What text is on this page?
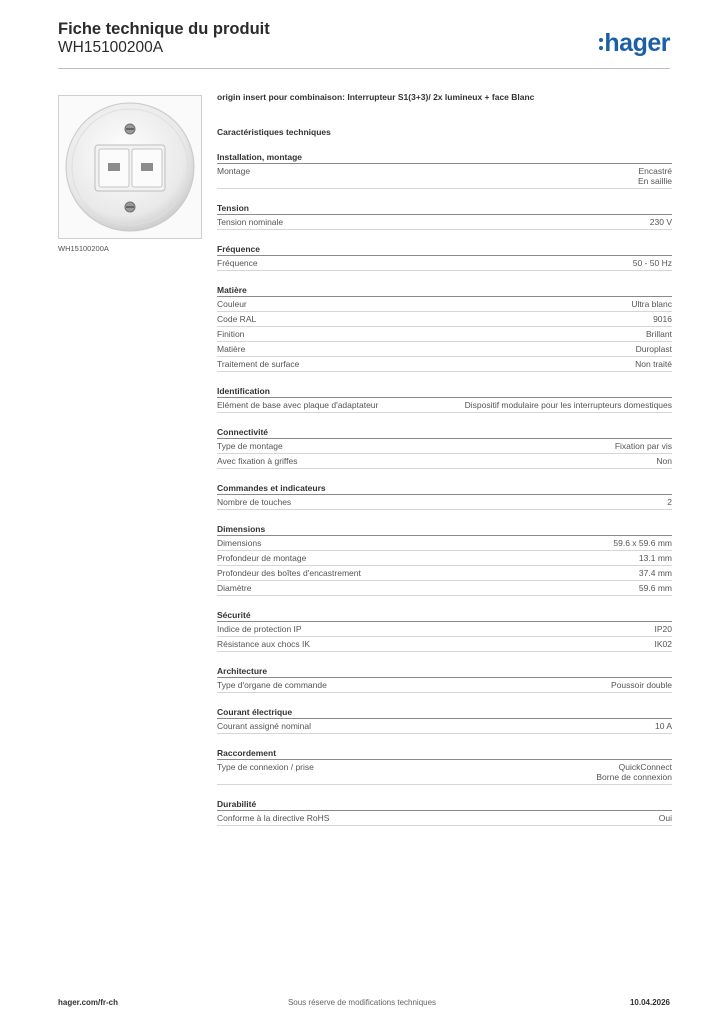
Fiche technique du produit
WH15100200A	hager
WH15100200A
origin insert pour combinaison: Interrupteur S1(3+3)/ 2x lumineux + face Blanc
Caractéristiques techniques
Installation, montage
Montage	Encastré
En saillie
Tension
Tension nominale	230 V
Fréquence
Fréquence	50 - 50 Hz
Matière
Couleur	Ultra blanc
Code RAL	9016
Finition	Brillant
Matière	Duroplast
Traitement de surface	Non traité
Identification
Elément de base avec plaque d'adaptateur	Dispositif modulaire pour les interrupteurs domestiques
Connectivité
Type de montage	Fixation par vis
Avec fixation à griffes	Non
Commandes et indicateurs
Nombre de touches	2
Dimensions
Dimensions	59.6 x 59.6 mm
Profondeur de montage	13.1 mm
Profondeur des boîtes d'encastrement	37.4 mm
Diamètre	59.6 mm
Sécurité
Indice de protection IP	IP20
Résistance aux chocs IK	IK02
Architecture
Type d'organe de commande	Poussoir double
Courant électrique
Courant assigné nominal	10 A
Raccordement
Type de connexion / prise	QuickConnect
Borne de connexion
Durabilité
Conforme à la directive RoHS	Oui
hager.com/fr-ch	Sous réserve de modifications techniques	10.04.2026
